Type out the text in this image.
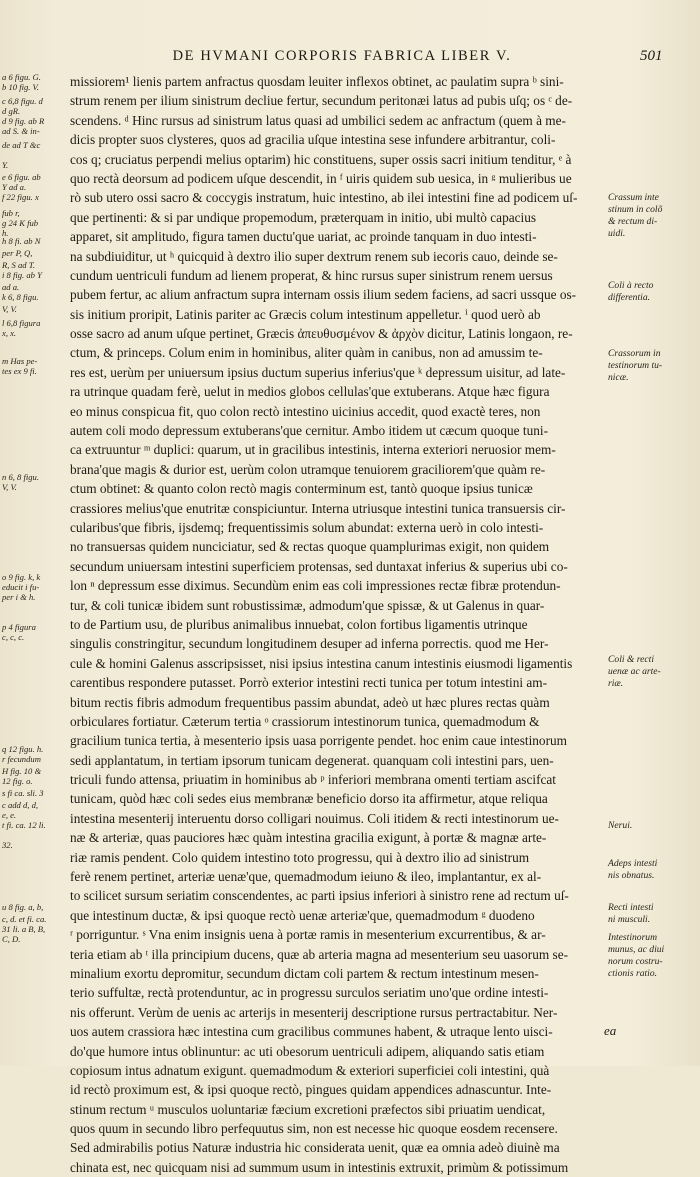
DE HVMANI CORPORIS FABRICA LIBER V.	501
missiorem¹ lienis partem anfractus quosdam leuiter inflexos obtinet, ac paulatim supra ᵇ sini-
strum renem per ilium sinistrum decliue fertur, secundum peritonæi latus ad pubis uſq; os ᶜ de-
scendens. ᵈ Hinc rursus ad sinistrum latus quasi ad umbilici sedem ac anfractum (quem à me-
dicis propter suos clysteres, quos ad gracilia uſque intestina sese infundere arbitrantur, coli-
cos q; cruciatus perpendi melius optarim) hic constituens, super ossis sacri initium tenditur, ᵉ à
quo rectà deorsum ad podicem uſque descendit, in ᶠ uiris quidem sub uesica, in ᵍ mulieribus ue
rò sub utero ossi sacro & coccygis instratum, huic intestino, ab ilei intestini fine ad podicem uſ-
que pertinenti: & si par undique propemodum, præterquam in initio, ubi multò capacius
apparet, sit amplitudo, figura tamen ductu'que uariat, ac proinde tanquam in duo intesti-
na subdiuiditur, ut ʰ quicquid à dextro ilio super dextrum renem sub iecoris cauo, deinde se-
cundum uentriculi fundum ad lienem properat, & hinc rursus super sinistrum renem uersus
pubem fertur, ac alium anfractum supra internam ossis ilium sedem faciens, ad sacri ussque os-
sis initium proripit, Latinis pariter ac Græcis colum intestinum appelletur. ⁱ quod uerò ab
osse sacro ad anum uſque pertinet, Græcis ἀπευθυσμένον & ἀρχὸν dicitur, Latinis longaon, re-
ctum, & princeps. Colum enim in hominibus, aliter quàm in canibus, non ad amussim te-
res est, uerùm per uniuersum ipsius ductum superius inferius'que ᵏ depressum uisitur, ad late-
ra utrinque quadam ferè, uelut in medios globos cellulas'que extuberans. Atque hæc figura
eo minus conspicua fit, quo colon rectò intestino uicinius accedit, quod exactè teres, non
autem coli modo depressum extuberans'que cernitur. Ambo itidem ut cæcum quoque tuni-
ca extruuntur ᵐ duplici: quarum, ut in gracilibus intestinis, interna exteriori neruosior mem-
brana'que magis & durior est, uerùm colon utramque tenuiorem graciliorem'que quàm re-
ctum obtinet: & quanto colon rectò magis conterminum est, tantò quoque ipsius tunicæ
crassiores melius'que enutritæ conspiciuntur. Interna utriusque intestini tunica transuersis cir-
cularibus'que fibris, ijsdemq; frequentissimis solum abundat: externa uerò in colo intesti-
no transuersas quidem nunciciatur, sed & rectas quoque quamplurimas exigit, non quidem
secundum uniuersam intestini superficiem protensas, sed duntaxat inferius & superius ubi co-
lon ⁿ depressum esse diximus. Secundùm enim eas coli impressiones rectæ fibræ protendun-
tur, & coli tunicæ ibidem sunt robustissimæ, admodum'que spissæ, & ut Galenus in quar-
to de Partium usu, de pluribus animalibus innuebat, colon fortibus ligamentis utrinque
singulis constringitur, secundum longitudinem desuper ad inferna porrectis. quod me Her-
cule & homini Galenus asscripsisset, nisi ipsius intestina canum intestinis eiusmodi ligamentis
carentibus respondere putasset. Porrò exterior intestini recti tunica per totum intestini am-
bitum rectis fibris admodum frequentibus passim abundat, adeò ut hæc plures rectas quàm
orbiculares fortiatur. Cæterum tertia ᵒ crassiorum intestinorum tunica, quemadmodum &
gracilium tunica tertia, à mesenterio ipsis uasa porrigente pendet. hoc enim caue intestinorum
sedi applantatum, in tertiam ipsorum tunicam degenerat. quanquam coli intestini pars, uen-
triculi fundo attensa, priuatim in hominibus ab ᵖ inferiori membrana omenti tertiam ascifcat
tunicam, quòd hæc coli sedes eius membranæ beneficio dorso ita affirmetur, atque reliqua
intestina mesenterij interuentu dorso colligari nouimus. Coli itidem & recti intestinorum ue-
næ & arteriæ, quas pauciores hæc quàm intestina gracilia exigunt, à portæ & magnæ arte-
riæ ramis pendent. Colo quidem intestino toto progressu, qui à dextro ilio ad sinistrum
ferè renem pertinet, arteriæ uenæ'que, quemadmodum ieiuno & ileo, implantantur, ex al-
to scilicet sursum seriatim conscendentes, ac parti ipsius inferiori à sinistro rene ad rectum uſ-
que intestinum ductæ, & ipsi quoque rectò uenæ arteriæ'que, quemadmodum ᵍ duodeno
ʳ porriguntur. ˢ Vna enim insignis uena à portæ ramis in mesenterium excurrentibus, & ar-
teria etiam ab ᵗ illa principium ducens, quæ ab arteria magna ad mesenterium seu uasorum se-
minalium exortu depromitur, secundum dictam coli partem & rectum intestinum mesen-
terio suffultæ, rectà protenduntur, ac in progressu surculos seriatim uno'que ordine intesti-
nis offerunt. Verùm de uenis ac arterijs in mesenterij descriptione rursus pertractabitur. Ner-
uos autem crassiora hæc intestina cum gracilibus communes habent, & utraque lento uisci-
do'que humore intus oblinuntur: ac uti obesorum uentriculi adipem, aliquando satis etiam
copiosum intus adnatum exigunt. quemadmodum & exteriori superficiei coli intestini, quà
id rectò proximum est, & ipsi quoque rectò, pingues quidam appendices adnascuntur. Inte-
stinum rectum ᵘ musculos uoluntariæ fæcium excretioni præfectos sibi priuatim uendicat,
quos quum in secundo libro perfequutus sim, non est necesse hic quoque eosdem recensere.
Sed admirabilis potius Naturæ industria hic considerata uenit, quæ ea omnia adeò diuinè ma
chinata est, nec quicquam nisi ad summum usum in intestinis extruxit, primùm & potissimum
a 6 figu. G.
b 10 fig. V.
c 6,8 figu. d
d gR.
d 9 fig. ab R
ad S. & in-
de ad T &c
Y.
e 6 figu. ab
Y ad a.
f 22 figu. x
fub r,
g 24 K fub
h.
h 8 fi. ab N
per P, Q,
R, S ad T.
i 8 fig. ab Y
ad a.
k 6, 8 figu.
V, V.
l 6,8 figura
x, x.
m Has pe-
tes ex 9 fi.
n 6, 8 figu.
V, V.
o 9 fig. k, k
educit i fu-
per i & h.
p 4 figura
c, c, c.
q 12 figu. h.
r fecundum
H fig. 10 &
12 fig. o.
s fi ca. sli. 3
c add d, d,
e, e.
t fi. ca. 12 li.
32.
u 8 fig. a, b,
c, d. et fi. ca.
31 li. a B, B,
C, D.
Crassum inte
stinum in colõ
& rectum di-
uidi.
Coli à recto
differentia.
Crassorum in
testinorum tu-
nicæ.
Coli & recti
uenæ ac arte-
riæ.
Nerui.
Adeps intesti
nis obnatus.
Recti intesti
ni musculi.
Intestinorum
munus, ac diui
norum costru-
ctionis ratio.
ea
